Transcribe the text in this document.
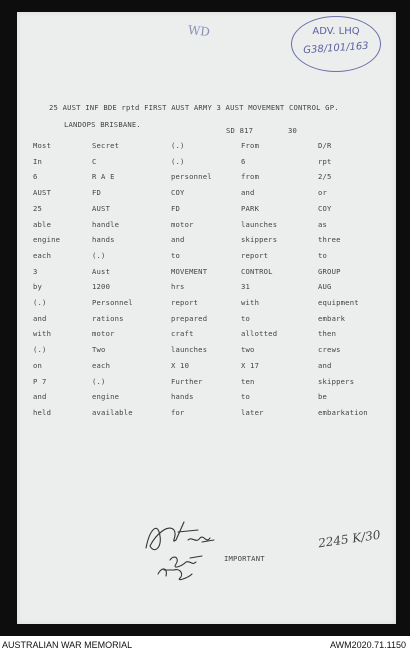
WD	ADV. LHQ
G38/101/163
25 AUST INF BDE rptd FIRST AUST ARMY 3 AUST MOVEMENT CONTROL GP.
LANDOPS BRISBANE.
SD 817	30
Most	Secret	(.)	From	D/R
In	C	(.)	6	rpt
6	R A E	personnel	from	2/5
AUST	FD	COY	and	or
25	AUST	FD	PARK	COY
able	handle	motor	launches	as
engine	hands	and	skippers	three
each	(.)	to	report	to
3	Aust	MOVEMENT	CONTROL	GROUP
by	1200	hrs	31	AUG
(.)	Personnel	report	with	equipment
and	rations	prepared	to	embark
with	motor	craft	allotted	then
(.)	Two	launches	two	crews
on	each	X 10	X 17	and
P 7	(.)	Further	ten	skippers
and	engine	hands	to	be
held	available	for	later	embarkation
IMPORTANT
2245 K/30
AUSTRALIAN WAR MEMORIAL	AWM2020.71.1150
